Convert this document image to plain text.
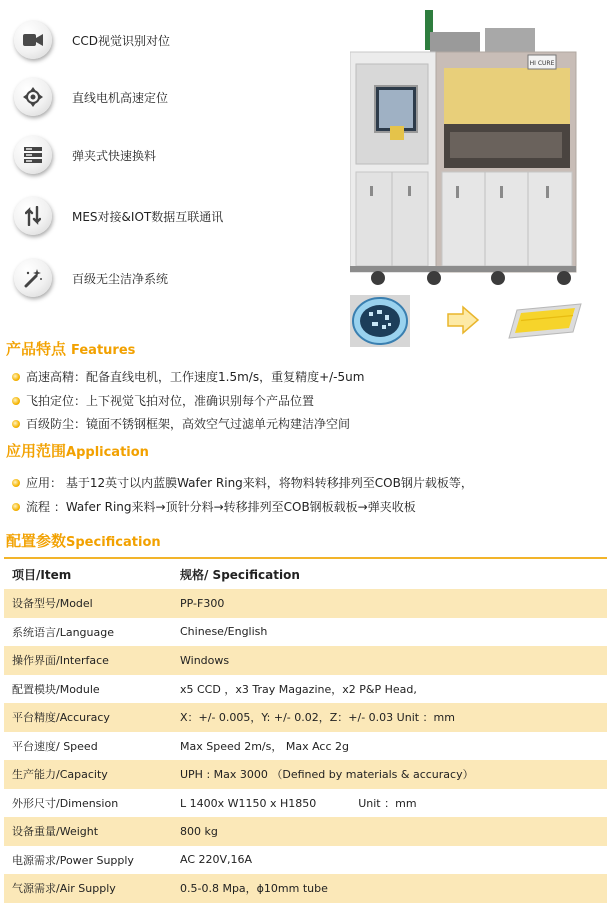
CCD视觉识别对位
直线电机高速定位
弹夹式快速换料
MES对接&IOT数据互联通讯
百级无尘洁净系统
HI CURE
产品特点 Features
高速高精：配备直线电机，工作速度1.5m/s，重复精度+/-5um
飞拍定位：上下视觉飞拍对位，准确识别每个产品位置
百级防尘：镜面不锈钢框架，高效空气过滤单元构建洁净空间
应用范围Application
应用： 基于12英寸以内蓝膜Wafer Ring来料，将物料转移排列至COB钢片载板等，
流程 ：Wafer Ring来料→顶针分料→转移排列至COB钢板载板→弹夹收板
配置参数Specification
项目/Item	规格/ Specification
设备型号/Model	PP-F300
系统语言/Language	Chinese/English
操作界面/Interface	Windows
配置模块/Module	x5 CCD ，x3 Tray Magazine，x2 P&P Head,
平台精度/Accuracy	X：+/- 0.005，Y: +/- 0.02，Z：+/- 0.03 Unit ：mm
平台速度/ Speed	Max Speed 2m/s， Max Acc 2g
生产能力/Capacity	UPH : Max 3000 （Defined by materials & accuracy）
外形尺寸/Dimension	L 1400x W1150 x H1850            Unit ：mm
设备重量/Weight	800 kg
电源需求/Power Supply	AC 220V,16A
气源需求/Air Supply	0.5-0.8 Mpa，ϕ10mm tube
